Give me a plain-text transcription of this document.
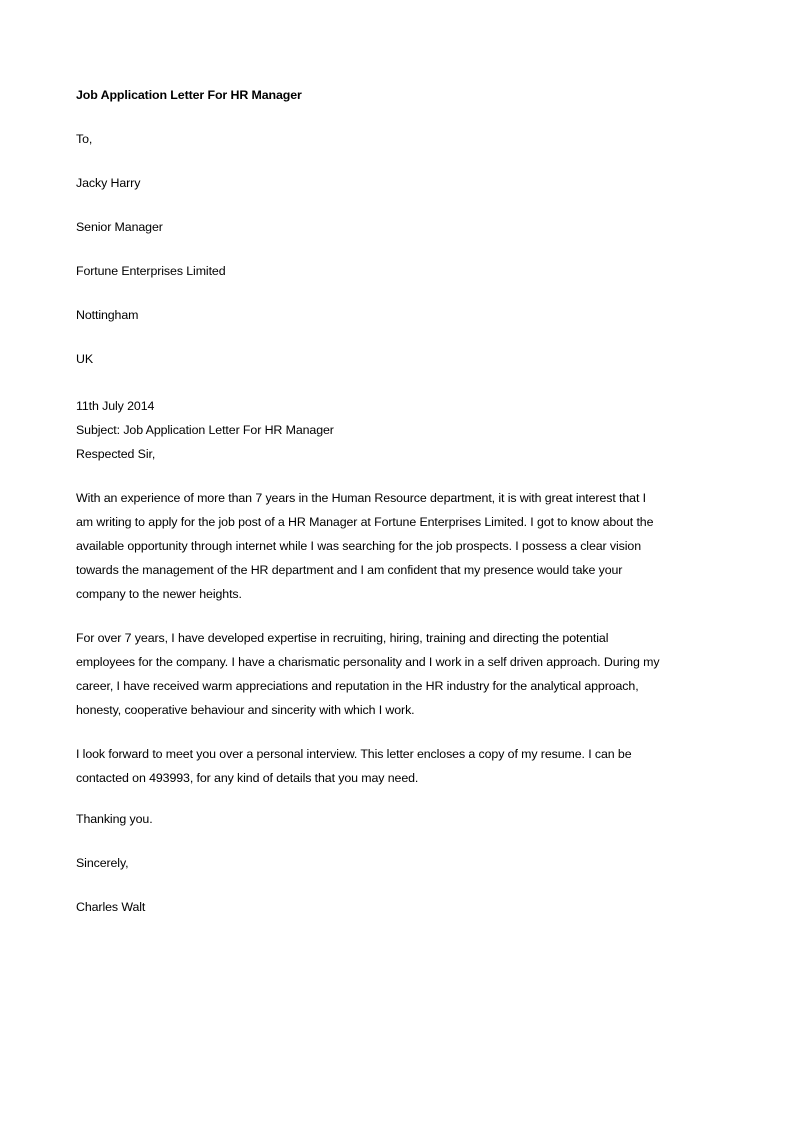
Job Application Letter For HR Manager
To,
Jacky Harry
Senior Manager
Fortune Enterprises Limited
Nottingham
UK
11th July 2014
Subject: Job Application Letter For HR Manager
Respected Sir,
With an experience of more than 7 years in the Human Resource department, it is with great interest that I
am writing to apply for the job post of a HR Manager at Fortune Enterprises Limited. I got to know about the
available opportunity through internet while I was searching for the job prospects. I possess a clear vision
towards the management of the HR department and I am confident that my presence would take your
company to the newer heights.
For over 7 years, I have developed expertise in recruiting, hiring, training and directing the potential
employees for the company. I have a charismatic personality and I work in a self driven approach. During my
career, I have received warm appreciations and reputation in the HR industry for the analytical approach,
honesty, cooperative behaviour and sincerity with which I work.
I look forward to meet you over a personal interview. This letter encloses a copy of my resume. I can be
contacted on 493993, for any kind of details that you may need.
Thanking you.
Sincerely,
Charles Walt
